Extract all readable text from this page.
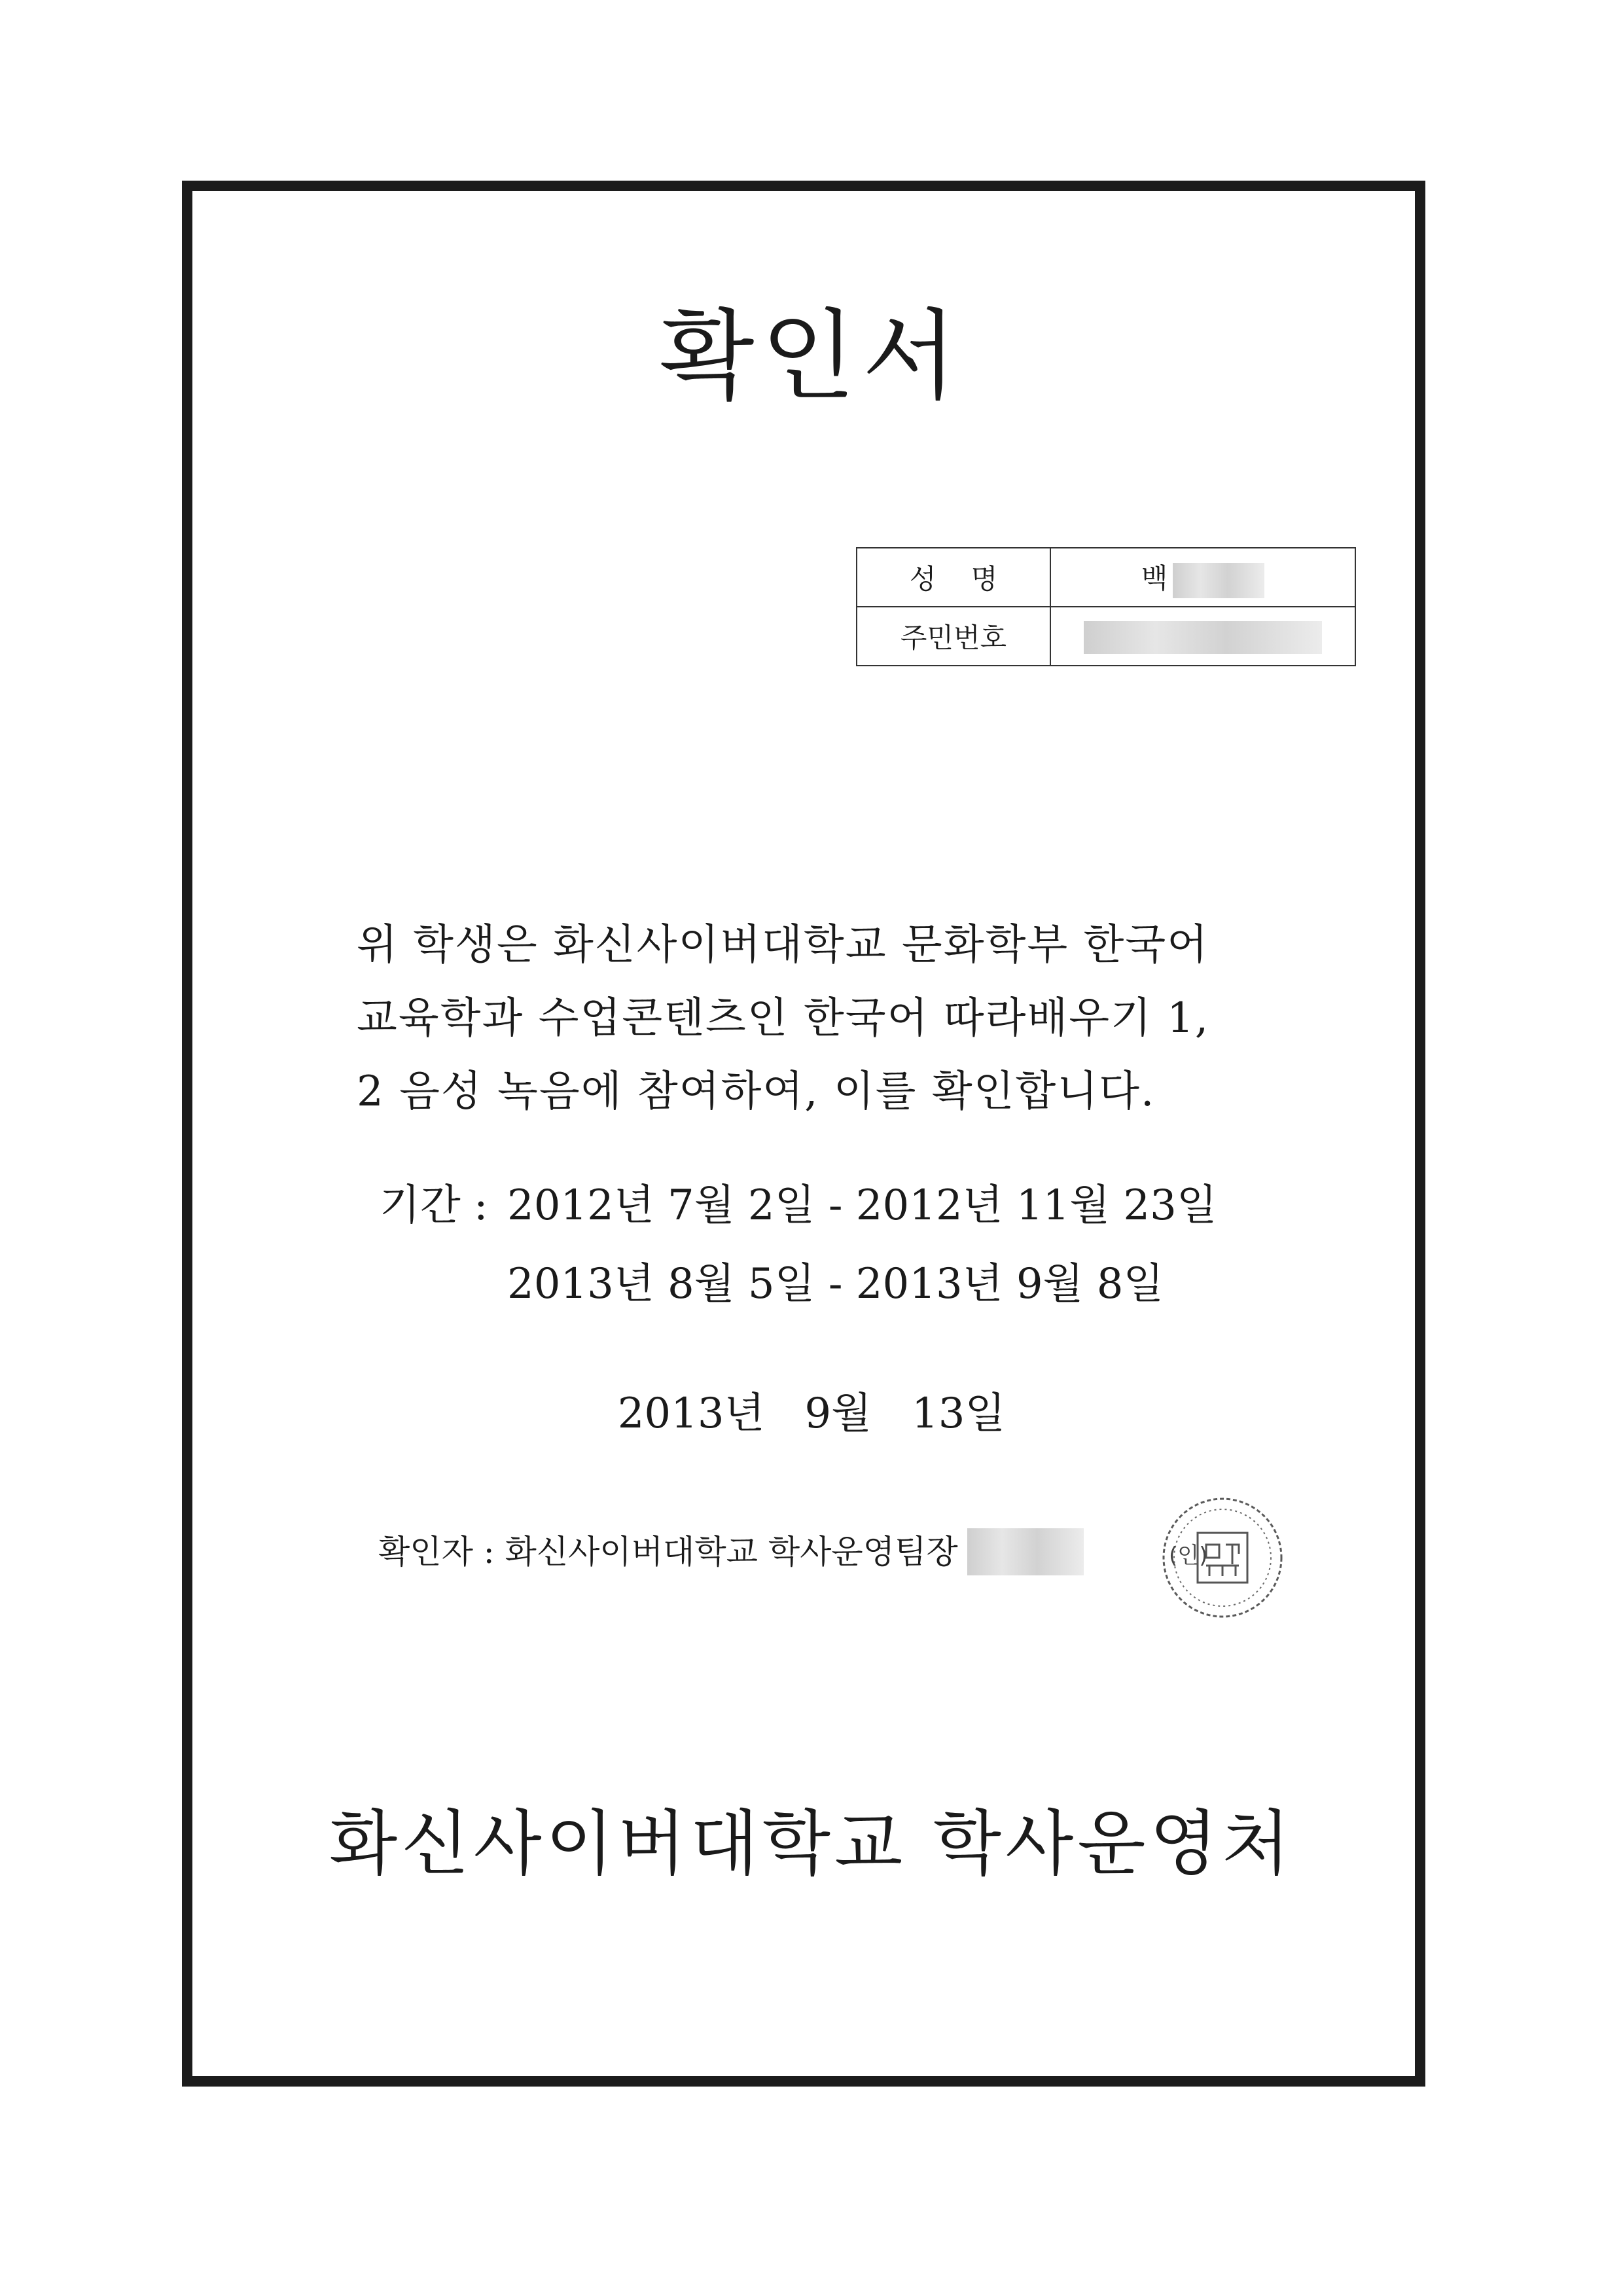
확인서
성    명	백
주민번호	
위 학생은 화신사이버대학교 문화학부 한국어
교육학과 수업콘텐츠인 한국어 따라배우기 1,
2 음성 녹음에 참여하여, 이를 확인합니다.
기간 : 2012년 7월 2일 - 2012년 11월 23일
2013년 8월 5일 - 2013년 9월 8일
2013년   9월   13일
확인자 : 화신사이버대학교 학사운영팀장	(인)
화신사이버대학교 학사운영처
